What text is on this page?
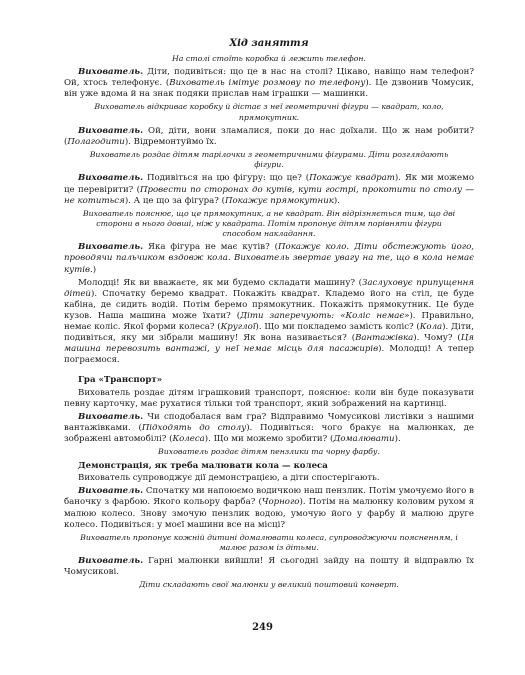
Хід заняття
На столі стоїть коробка й лежить телефон.

Вихователь. Діти, подивіться: що це в нас на столі? Цікаво, навіщо нам телефон? Ой, хтось телефонує. (Вихователь імітує розмову по телефону). Це дзвонив Чомусик, він уже вдома й на знак подяки прислав нам іграшки — машинки.

Вихователь відкриває коробку й дістає з неї геометричні фігури — квадрат, коло, прямокутник.

Вихователь. Ой, діти, вони зламалися, поки до нас доїхали. Що ж нам робити? (Полагодити). Відремонтуймо їх.

Вихователь роздає дітям тарілочки з геометричними фігурами. Діти розглядають фігури.

Вихователь. Подивіться на цю фігуру: що це? (Покажує квадрат). Як ми можемо це перевірити? (Провести по сторонах до кутів, кути гострі, прокотити по столу — не котиться). А це що за фігура? (Покажує прямокутник).

Вихователь пояснює, що це прямокутник, а не квадрат. Він відрізняється тим, що дві сторони в нього довші, ніж у квадрата. Потім пропонує дітям порівняти фігури способом накладання.

Вихователь. Яка фігура не має кутів? (Покажує коло. Діти обстежують його, проводячи пальчиком вздовж кола. Вихователь звертає увагу на те, що в кола немає кутів.)

Молодці! Як ви вважаєте, як ми будемо складати машину? (Заслуховує припущення дітей). Спочатку беремо квадрат. Покажіть квадрат. Кладемо його на стіл, це буде кабіна, де сидить водій. Потім беремо прямокутник. Покажіть прямокутник. Це буде кузов. Наша машина може їхати? (Діти заперечують: «Коліс немає»). Правильно, немає коліс. Якої форми колеса? (Круглої). Що ми покладемо замість коліс? (Кола). Діти, подивіться, яку ми зібрали машину! Як вона називається? (Вантажівка). Чому? (Ця машина перевозить вантажі, у неї немає місць для пасажирів). Молодці! А тепер пограємося.

Гра «Транспорт»

Вихователь роздає дітям іграшковий транспорт, пояснює: коли він буде показувати певну карточку, має рухатися тільки той транспорт, який зображений на картинці.

Вихователь. Чи сподобалася вам гра? Відправимо Чомусикові листівки з нашими вантажівками. (Підходять до столу). Подивіться: чого бракує на малюнках, де зображені автомобілі? (Колеса). Що ми можемо зробити? (Домалювати).

Вихователь роздає дітям пензлики та чорну фарбу.
Демонстрація, як треба малювати кола — колеса

Вихователь супроводжує дії демонстрацією, а діти спостерігають.

Вихователь. Спочатку ми напоюємо водичкою наш пензлик. Потім умочуємо його в баночку з фарбою. Якого кольору фарба? (Чорного). Потім на малюнку коловим рухом я малюю колесо. Знову змочую пензлик водою, умочую його у фарбу й малюю друге колесо. Подивіться: у моєї машини все на місці?

Вихователь пропонує кожній дитині домалювати колеса, супроводжуючи поясненням, і малює разом із дітьми.

Вихователь. Гарні малюнки вийшли! Я сьогодні зайду на пошту й відправлю їх Чомусикові.

Діти складають свої малюнки у великий поштовий конверт.
249
